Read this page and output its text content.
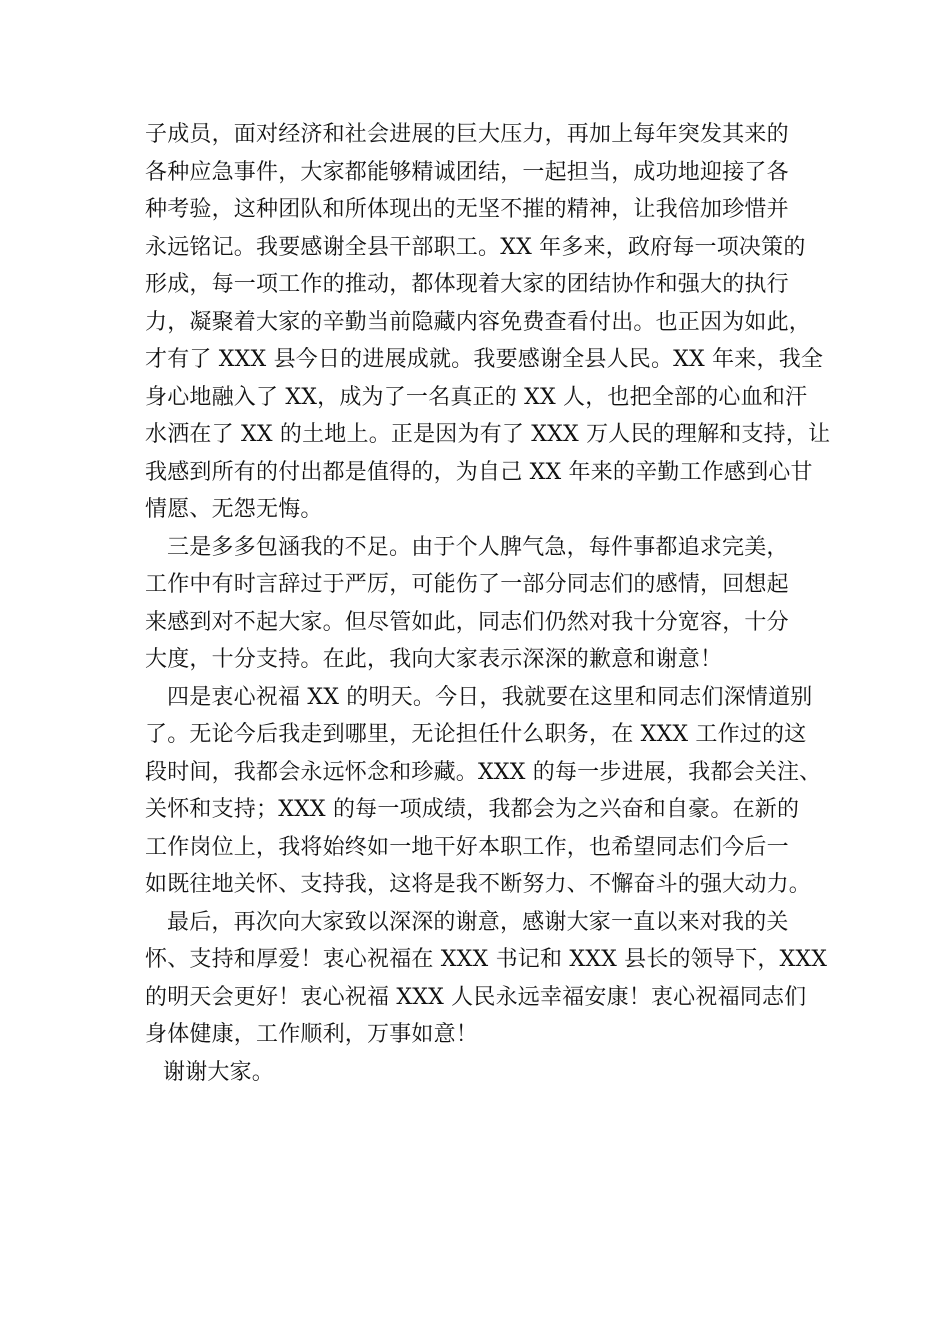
子成员，面对经济和社会进展的巨大压力，再加上每年突发其来的
各种应急事件，大家都能够精诚团结，一起担当，成功地迎接了各
种考验，这种团队和所体现出的无坚不摧的精神，让我倍加珍惜并
永远铭记。我要感谢全县干部职工。XX 年多来，政府每一项决策的
形成，每一项工作的推动，都体现着大家的团结协作和强大的执行
力，凝聚着大家的辛勤当前隐藏内容免费查看付出。也正因为如此，
才有了 XXX 县今日的进展成就。我要感谢全县人民。XX 年来，我全
身心地融入了 XX，成为了一名真正的 XX 人，也把全部的心血和汗
水洒在了 XX 的土地上。正是因为有了 XXX 万人民的理解和支持，让
我感到所有的付出都是值得的，为自己 XX 年来的辛勤工作感到心甘
情愿、无怨无悔。
三是多多包涵我的不足。由于个人脾气急，每件事都追求完美，
工作中有时言辞过于严厉，可能伤了一部分同志们的感情，回想起
来感到对不起大家。但尽管如此，同志们仍然对我十分宽容，十分
大度，十分支持。在此，我向大家表示深深的歉意和谢意！
四是衷心祝福 XX 的明天。今日，我就要在这里和同志们深情道别
了。无论今后我走到哪里，无论担任什么职务，在 XXX 工作过的这
段时间，我都会永远怀念和珍藏。XXX 的每一步进展，我都会关注、
关怀和支持；XXX 的每一项成绩，我都会为之兴奋和自豪。在新的
工作岗位上，我将始终如一地干好本职工作，也希望同志们今后一
如既往地关怀、支持我，这将是我不断努力、不懈奋斗的强大动力。
最后，再次向大家致以深深的谢意，感谢大家一直以来对我的关
怀、支持和厚爱！衷心祝福在 XXX 书记和 XXX 县长的领导下，XXX
的明天会更好！衷心祝福 XXX 人民永远幸福安康！衷心祝福同志们
身体健康，工作顺利，万事如意！
谢谢大家。
